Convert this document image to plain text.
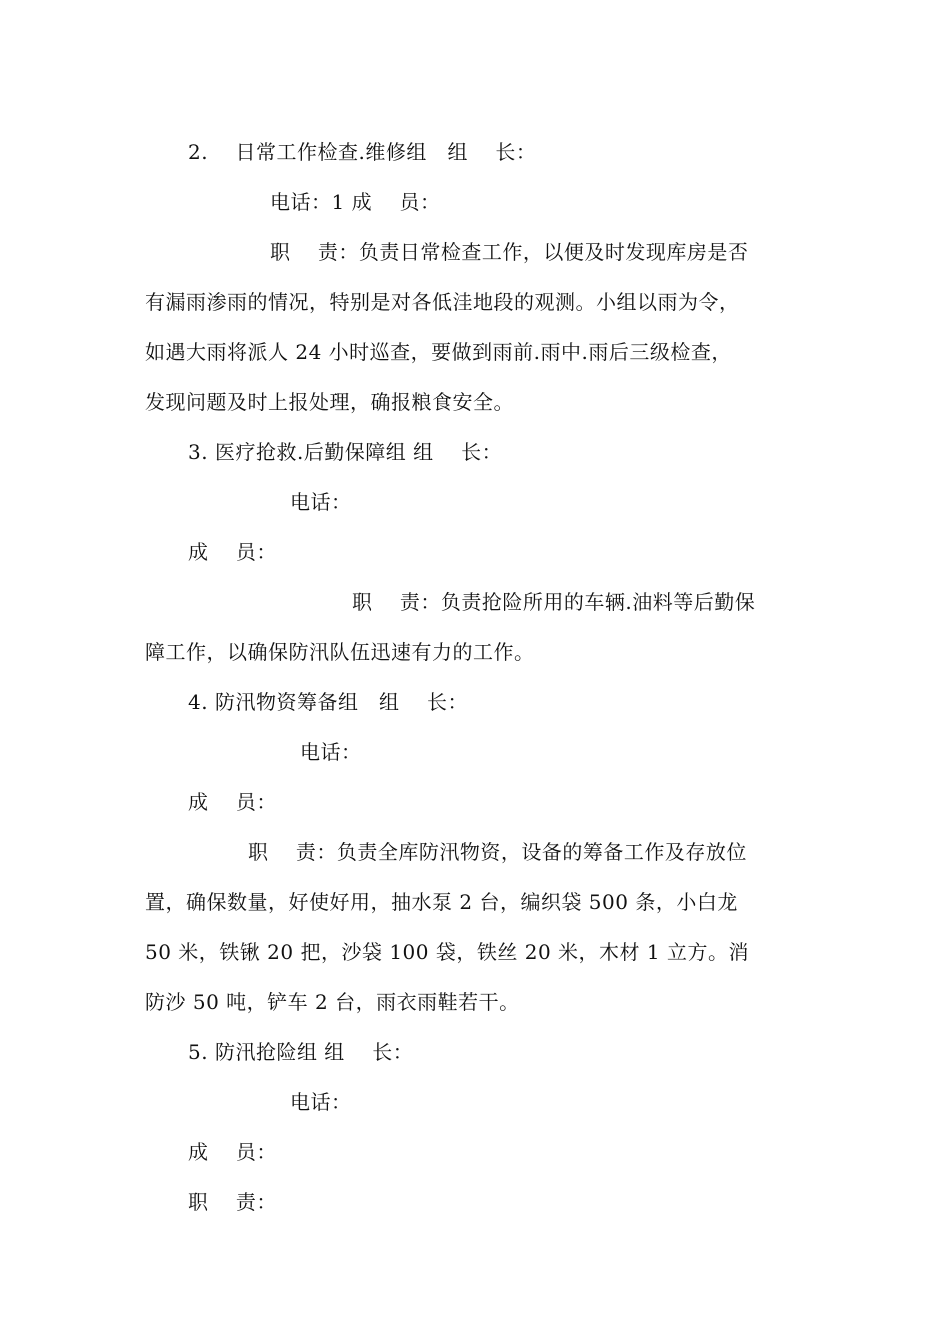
2.    日常工作检查.维修组   组    长：
电话：1 成    员：
职    责：负责日常检查工作，以便及时发现库房是否
有漏雨渗雨的情况，特别是对各低洼地段的观测。小组以雨为令，
如遇大雨将派人 24 小时巡查，要做到雨前.雨中.雨后三级检查，
发现问题及时上报处理，确报粮食安全。
3. 医疗抢救.后勤保障组 组    长：
电话：
成    员：
职    责：负责抢险所用的车辆.油料等后勤保
障工作，以确保防汛队伍迅速有力的工作。
4. 防汛物资筹备组   组    长：
电话：
成    员：
职    责：负责全库防汛物资，设备的筹备工作及存放位
置，确保数量，好使好用，抽水泵 2 台，编织袋 500 条，小白龙
50 米，铁锹 20 把，沙袋 100 袋，铁丝 20 米，木材 1 立方。消
防沙 50 吨，铲车 2 台，雨衣雨鞋若干。
5. 防汛抢险组 组    长：
电话：
成    员：
职    责：
